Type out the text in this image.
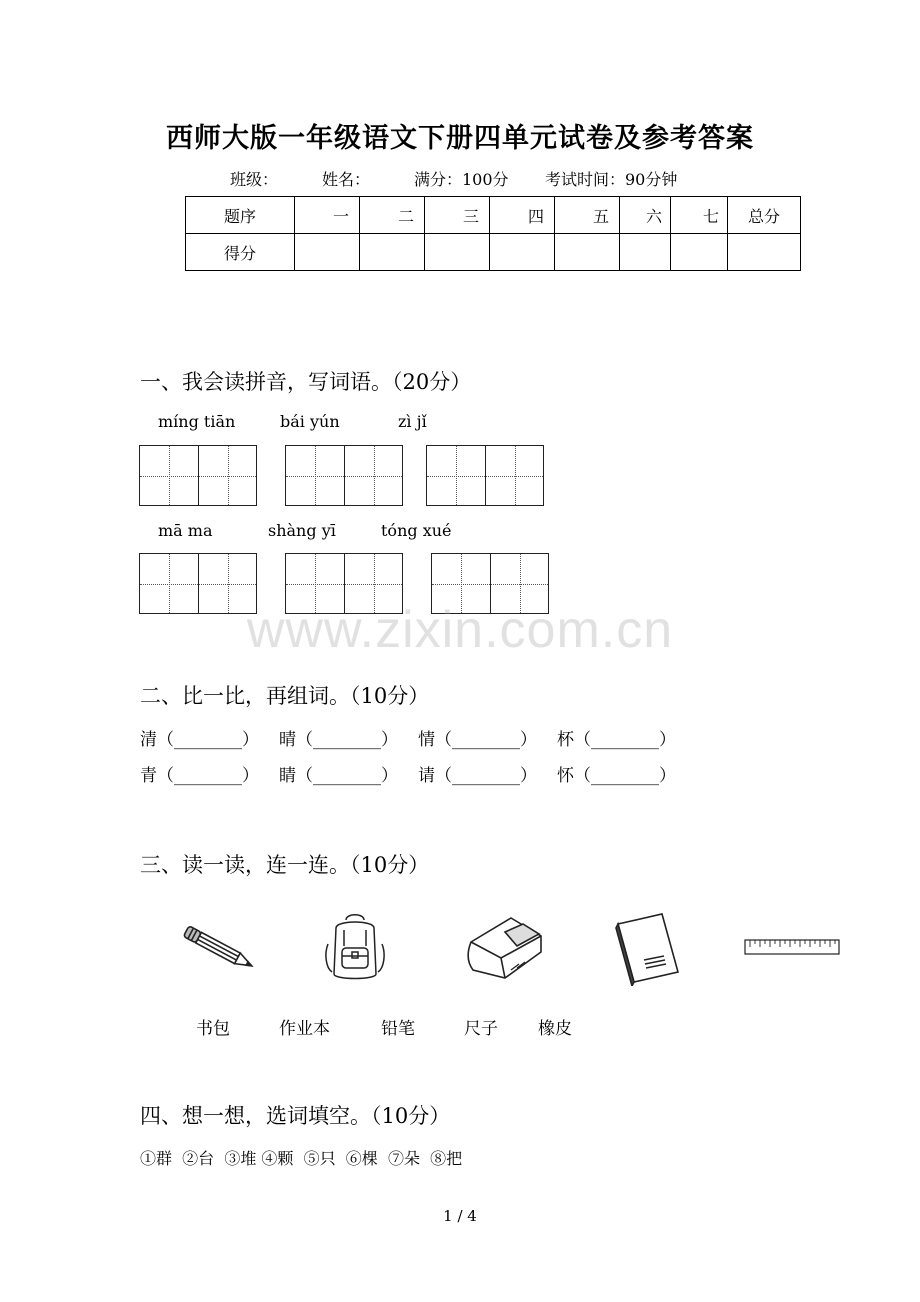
西师大版一年级语文下册四单元试卷及参考答案
班级：	姓名：	满分：100分 考试时间：90分钟
题序	一	二	三	四	五	六	七	总分
得分								
一、我会读拼音，写词语。（20分）
míng tiān	bái yún	zì jǐ
mā ma	shàng yī	tóng xué
www.zixin.com.cn
二、比一比，再组词。（10分）
清（________） 晴（________） 情（________） 杯（________）
青（________） 睛（________） 请（________） 怀（________）
三、读一读，连一连。（10分）
书包	作业本	铅笔	尺子 橡皮
四、想一想，选词填空。（10分）
①群  ②台  ③堆 ④颗  ⑤只  ⑥棵  ⑦朵  ⑧把
1 / 4
